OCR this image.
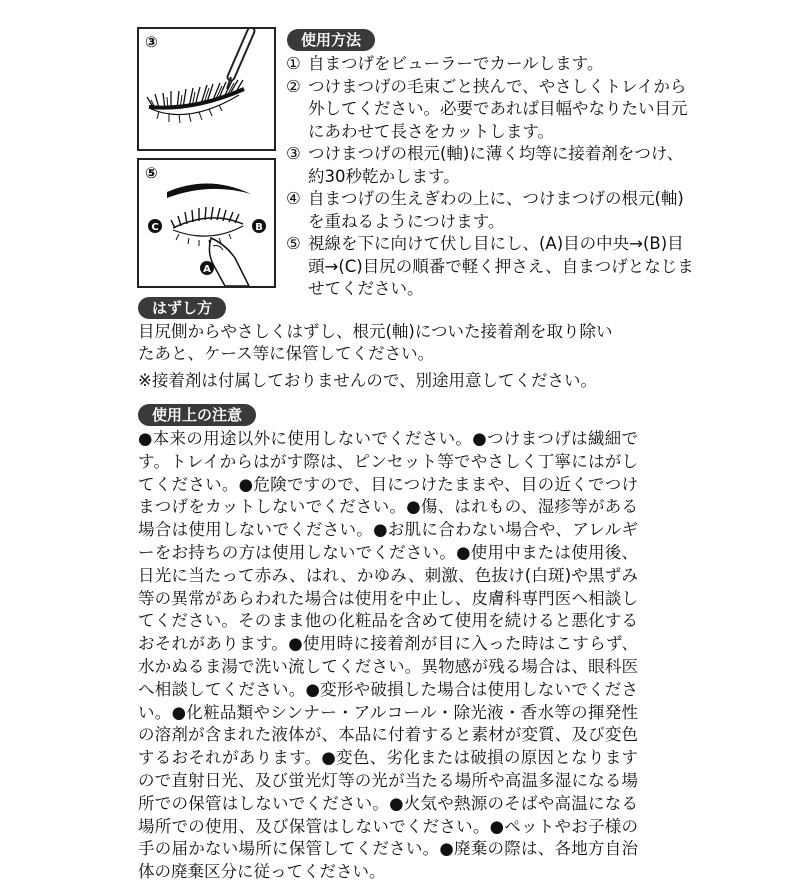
③
⑤
C	B
A
使用方法
① 自まつげをビューラーでカールします。
② つけまつげの毛束ごと挟んで、やさしくトレイから外してください。必要であれば目幅やなりたい目元にあわせて長さをカットします。
③ つけまつげの根元(軸)に薄く均等に接着剤をつけ、約30秒乾かします。
④ 自まつげの生えぎわの上に、つけまつげの根元(軸)を重ねるようにつけます。
⑤ 視線を下に向けて伏し目にし、(A)目の中央→(B)目頭→(C)目尻の順番で軽く押さえ、自まつげとなじませてください。
はずし方
目尻側からやさしくはずし、根元(軸)についた接着剤を取り除いたあと、ケース等に保管してください。
※接着剤は付属しておりませんので、別途用意してください。
使用上の注意
●本来の用途以外に使用しないでください。●つけまつげは繊細です。トレイからはがす際は、ピンセット等でやさしく丁寧にはがしてください。●危険ですので、目につけたままや、目の近くでつけまつげをカットしないでください。●傷、はれもの、湿疹等がある場合は使用しないでください。●お肌に合わない場合や、アレルギーをお持ちの方は使用しないでください。●使用中または使用後、日光に当たって赤み、はれ、かゆみ、刺激、色抜け(白斑)や黒ずみ等の異常があらわれた場合は使用を中止し、皮膚科専門医へ相談してください。そのまま他の化粧品を含めて使用を続けると悪化するおそれがあります。●使用時に接着剤が目に入った時はこすらず、水かぬるま湯で洗い流してください。異物感が残る場合は、眼科医へ相談してください。●変形や破損した場合は使用しないでください。●化粧品類やシンナー・アルコール・除光液・香水等の揮発性の溶剤が含まれた液体が、本品に付着すると素材が変質、及び変色するおそれがあります。●変色、劣化または破損の原因となりますので直射日光、及び蛍光灯等の光が当たる場所や高温多湿になる場所での保管はしないでください。●火気や熱源のそばや高温になる場所での使用、及び保管はしないでください。●ペットやお子様の手の届かない場所に保管してください。●廃棄の際は、各地方自治体の廃棄区分に従ってください。
